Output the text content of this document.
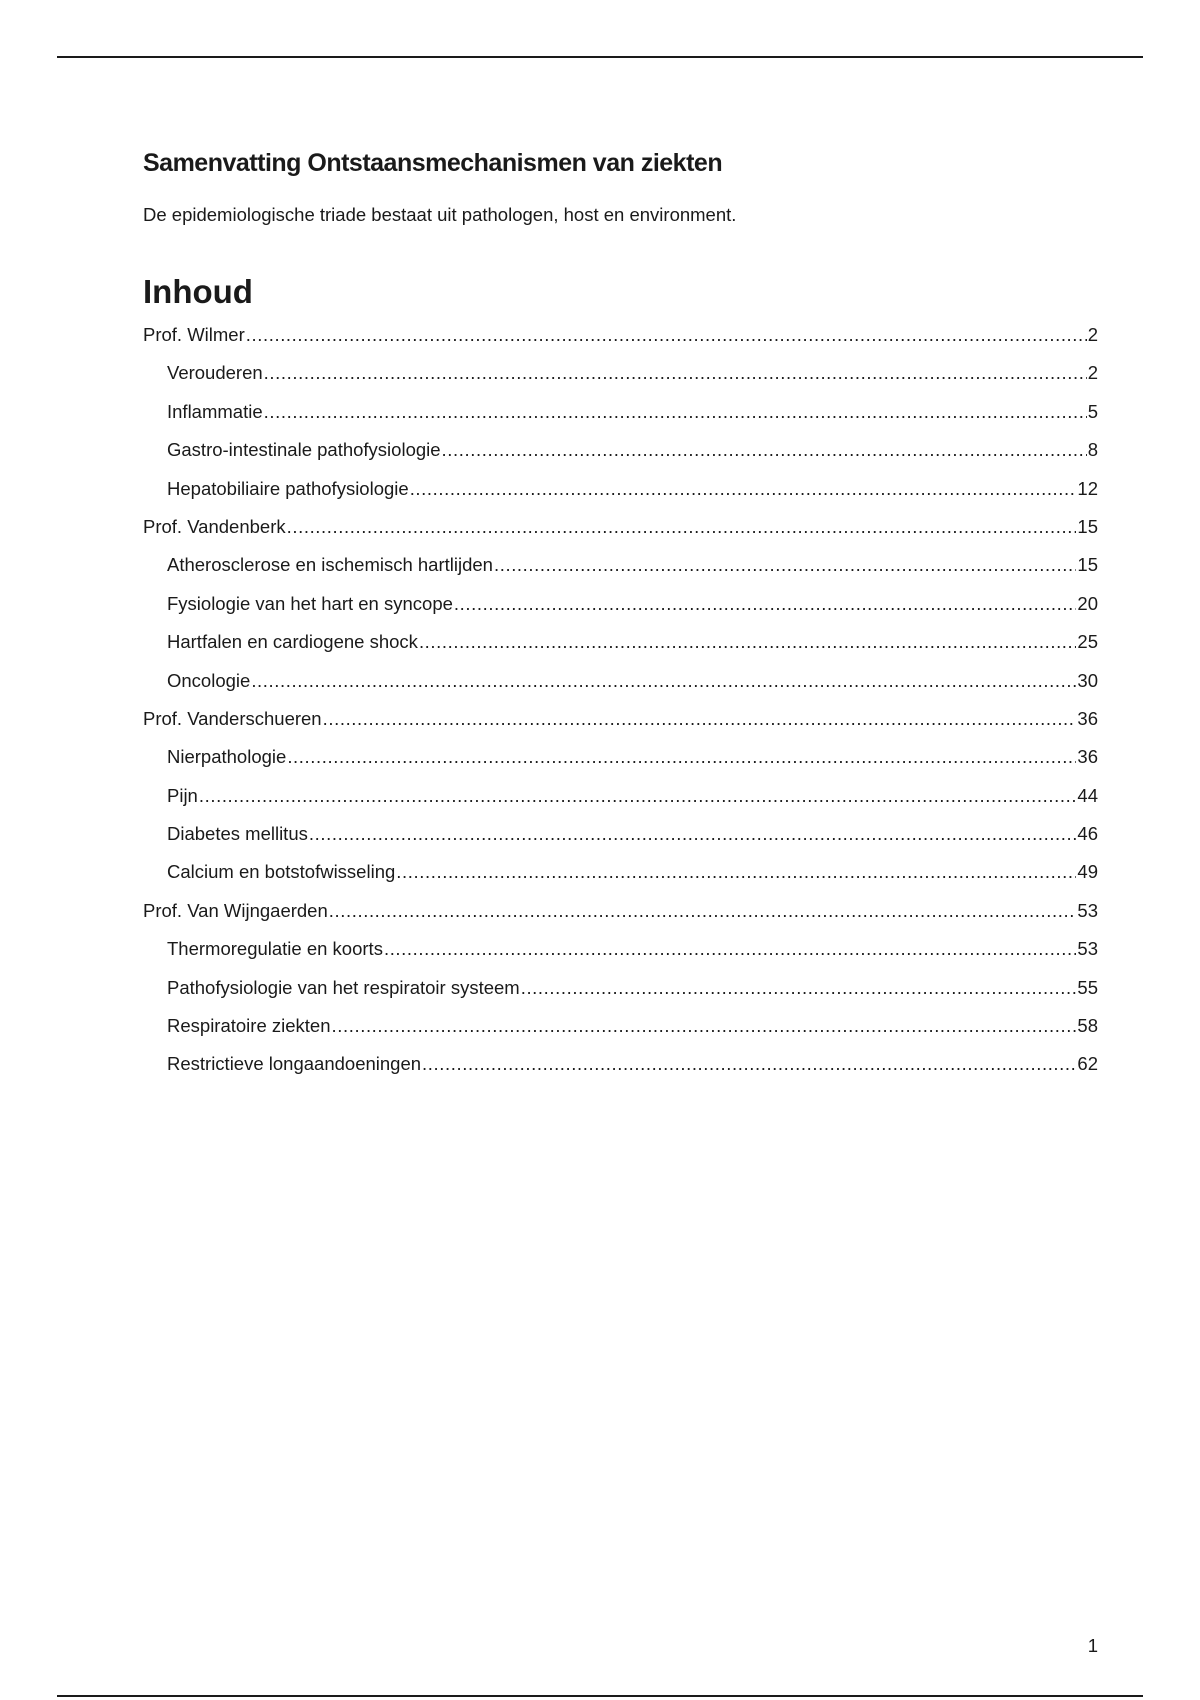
Samenvatting Ontstaansmechanismen van ziekten

De epidemiologische triade bestaat uit pathologen, host en environment.

Inhoud
Prof. Wilmer .....	2
Verouderen .....	2
Inflammatie .....	5
Gastro-intestinale pathofysiologie .....	8
Hepatobiliaire pathofysiologie .....	12
Prof. Vandenberk .....	15
Atherosclerose en ischemisch hartlijden .....	15
Fysiologie van het hart en syncope .....	20
Hartfalen en cardiogene shock .....	25
Oncologie .....	30
Prof. Vanderschueren .....	36
Nierpathologie .....	36
Pijn .....	44
Diabetes mellitus .....	46
Calcium en botstofwisseling .....	49
Prof. Van Wijngaerden .....	53
Thermoregulatie en koorts .....	53
Pathofysiologie van het respiratoir systeem .....	55
Respiratoire ziekten .....	58
Restrictieve longaandoeningen .....	62
1
